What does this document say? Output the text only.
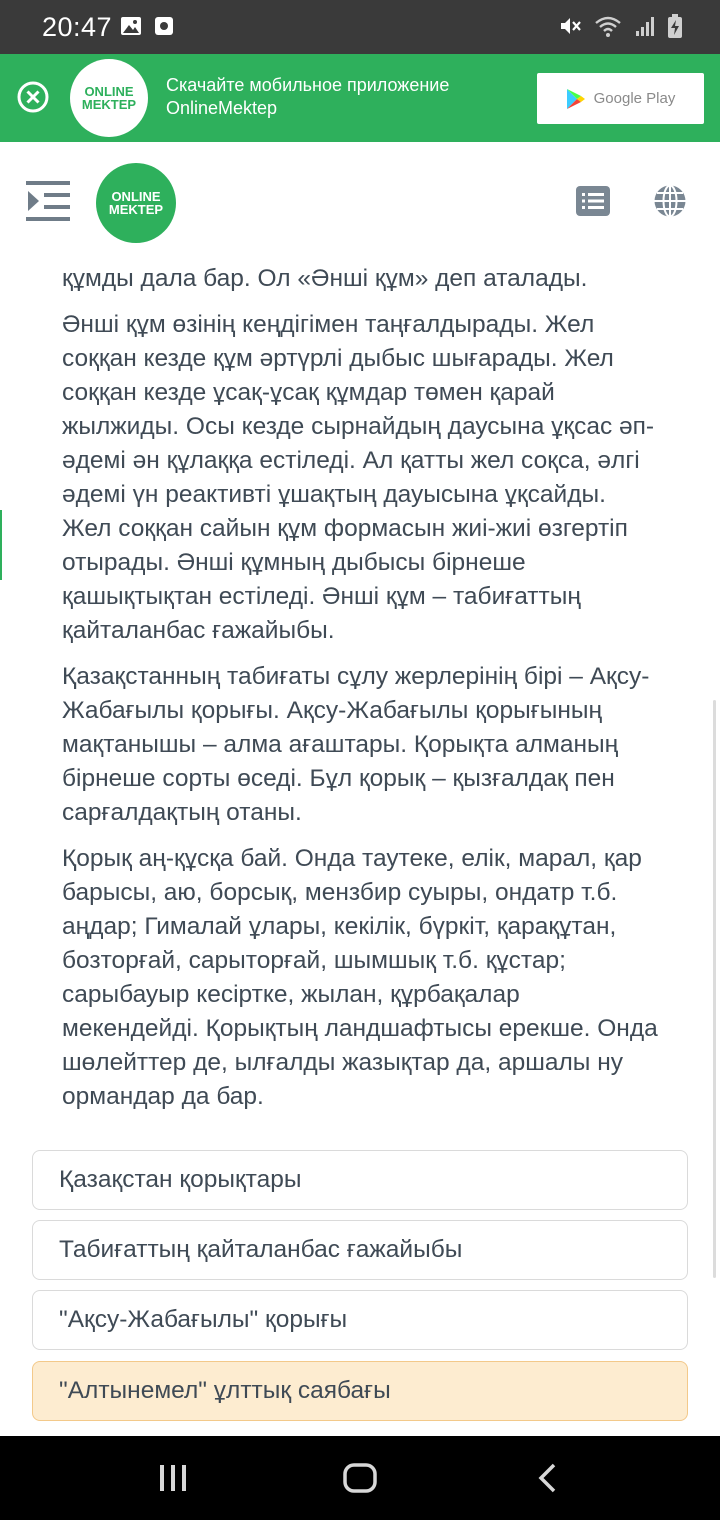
20:47
ONLINE
MEKTEP
Скачайте мобильное приложение
OnlineMektep	Google Play
ONLINE
MEKTEP

құмды дала бар. Ол «Әнші құм» деп аталады.

Әнші құм өзінің кеңдігімен таңғалдырады. Жел соққан кезде құм әртүрлі дыбыс шығарады. Жел соққан кезде ұсақ-ұсақ құмдар төмен қарай жылжиды. Осы кезде сырнайдың даусына ұқсас әп-әдемі ән құлаққа естіледі. Ал қатты жел соқса, әлгі әдемі үн реактивті ұшақтың дауысына ұқсайды. Жел соққан сайын құм формасын жиі-жиі өзгертіп отырады. Әнші құмның дыбысы бірнеше қашықтықтан естіледі. Әнші құм – табиғаттың қайталанбас ғажайыбы.

Қазақстанның табиғаты сұлу жерлерінің бірі – Ақсу-Жабағылы қорығы. Ақсу-Жабағылы қорығының мақтанышы – алма ағаштары. Қорықта алманың бірнеше сорты өседі. Бұл қорық – қызғалдақ пен сарғалдақтың отаны.

Қорық аң-құсқа бай. Онда таутеке, елік, марал, қар барысы, аю, борсық, мензбир суыры, ондатр т.б. аңдар; Гималай ұлары, кекілік, бүркіт, қарақұтан, бозторғай, сарыторғай, шымшық т.б. құстар; сарыбауыр кесіртке, жылан, құрбақалар мекендейді. Қорықтың ландшафтысы ерекше. Онда шөлейттер де, ылғалды жазықтар да, аршалы ну ормандар да бар.

Қазақстан қорықтары
Табиғаттың қайталанбас ғажайыбы
"Ақсу-Жабағылы" қорығы
"Алтынемел" ұлттық саябағы
